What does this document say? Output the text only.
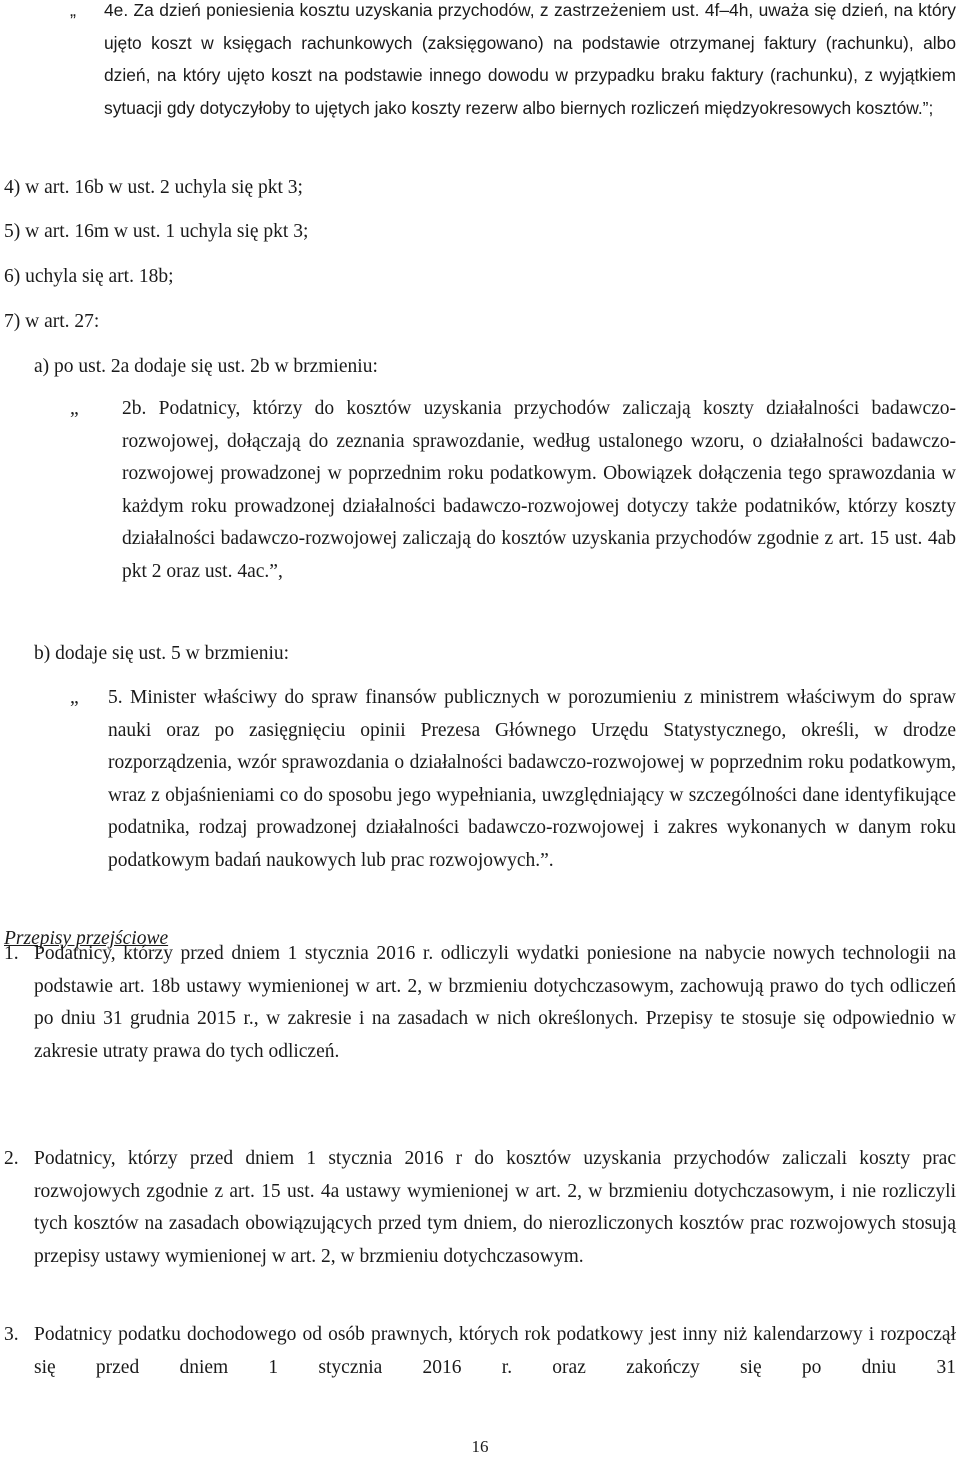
„ 4e. Za dzień poniesienia kosztu uzyskania przychodów, z zastrzeżeniem ust. 4f–4h, uważa się dzień, na który ujęto koszt w księgach rachunkowych (zaksięgowano) na podstawie otrzymanej faktury (rachunku), albo dzień, na który ujęto koszt na podstawie innego dowodu w przypadku braku faktury (rachunku), z wyjątkiem sytuacji gdy dotyczyłoby to ujętych jako koszty rezerw albo biernych rozliczeń międzyokresowych kosztów.”;
4) w art. 16b w ust. 2 uchyla się pkt 3;
5) w art. 16m w ust. 1 uchyla się pkt 3;
6) uchyla się art. 18b;
7) w art. 27:
a) po ust. 2a dodaje się ust. 2b w brzmieniu:
„ 2b. Podatnicy, którzy do kosztów uzyskania przychodów zaliczają koszty działalności badawczo-rozwojowej, dołączają do zeznania sprawozdanie, według ustalonego wzoru, o działalności badawczo-rozwojowej prowadzonej w poprzednim roku podatkowym. Obowiązek dołączenia tego sprawozdania w każdym roku prowadzonej działalności badawczo-rozwojowej dotyczy także podatników, którzy koszty działalności badawczo-rozwojowej zaliczają do kosztów uzyskania przychodów zgodnie z art. 15 ust. 4ab pkt 2 oraz ust. 4ac.”,
b) dodaje się ust. 5 w brzmieniu:
„ 5. Minister właściwy do spraw finansów publicznych w porozumieniu z ministrem właściwym do spraw nauki oraz po zasięgnięciu opinii Prezesa Głównego Urzędu Statystycznego, określi, w drodze rozporządzenia, wzór sprawozdania o działalności badawczo-rozwojowej w poprzednim roku podatkowym, wraz z objaśnieniami co do sposobu jego wypełniania, uwzględniający w szczególności dane identyfikujące podatnika, rodzaj prowadzonej działalności badawczo-rozwojowej i zakres wykonanych w danym roku podatkowym badań naukowych lub prac rozwojowych.”.
Przepisy przejściowe
1. Podatnicy, którzy przed dniem 1 stycznia 2016 r. odliczyli wydatki poniesione na nabycie nowych technologii na podstawie art. 18b ustawy wymienionej w art. 2, w brzmieniu dotychczasowym, zachowują prawo do tych odliczeń po dniu 31 grudnia 2015 r., w zakresie i na zasadach w nich określonych. Przepisy te stosuje się odpowiednio w zakresie utraty prawa do tych odliczeń.
2. Podatnicy, którzy przed dniem 1 stycznia 2016 r do kosztów uzyskania przychodów zaliczali koszty prac rozwojowych zgodnie z art. 15 ust. 4a ustawy wymienionej w art. 2, w brzmieniu dotychczasowym, i nie rozliczyli tych kosztów na zasadach obowiązujących przed tym dniem, do nierozliczonych kosztów prac rozwojowych stosują przepisy ustawy wymienionej w art. 2, w brzmieniu dotychczasowym.
3. Podatnicy podatku dochodowego od osób prawnych, których rok podatkowy jest inny niż kalendarzowy i rozpoczął się przed dniem 1 stycznia 2016 r. oraz zakończy się po dniu 31
16
